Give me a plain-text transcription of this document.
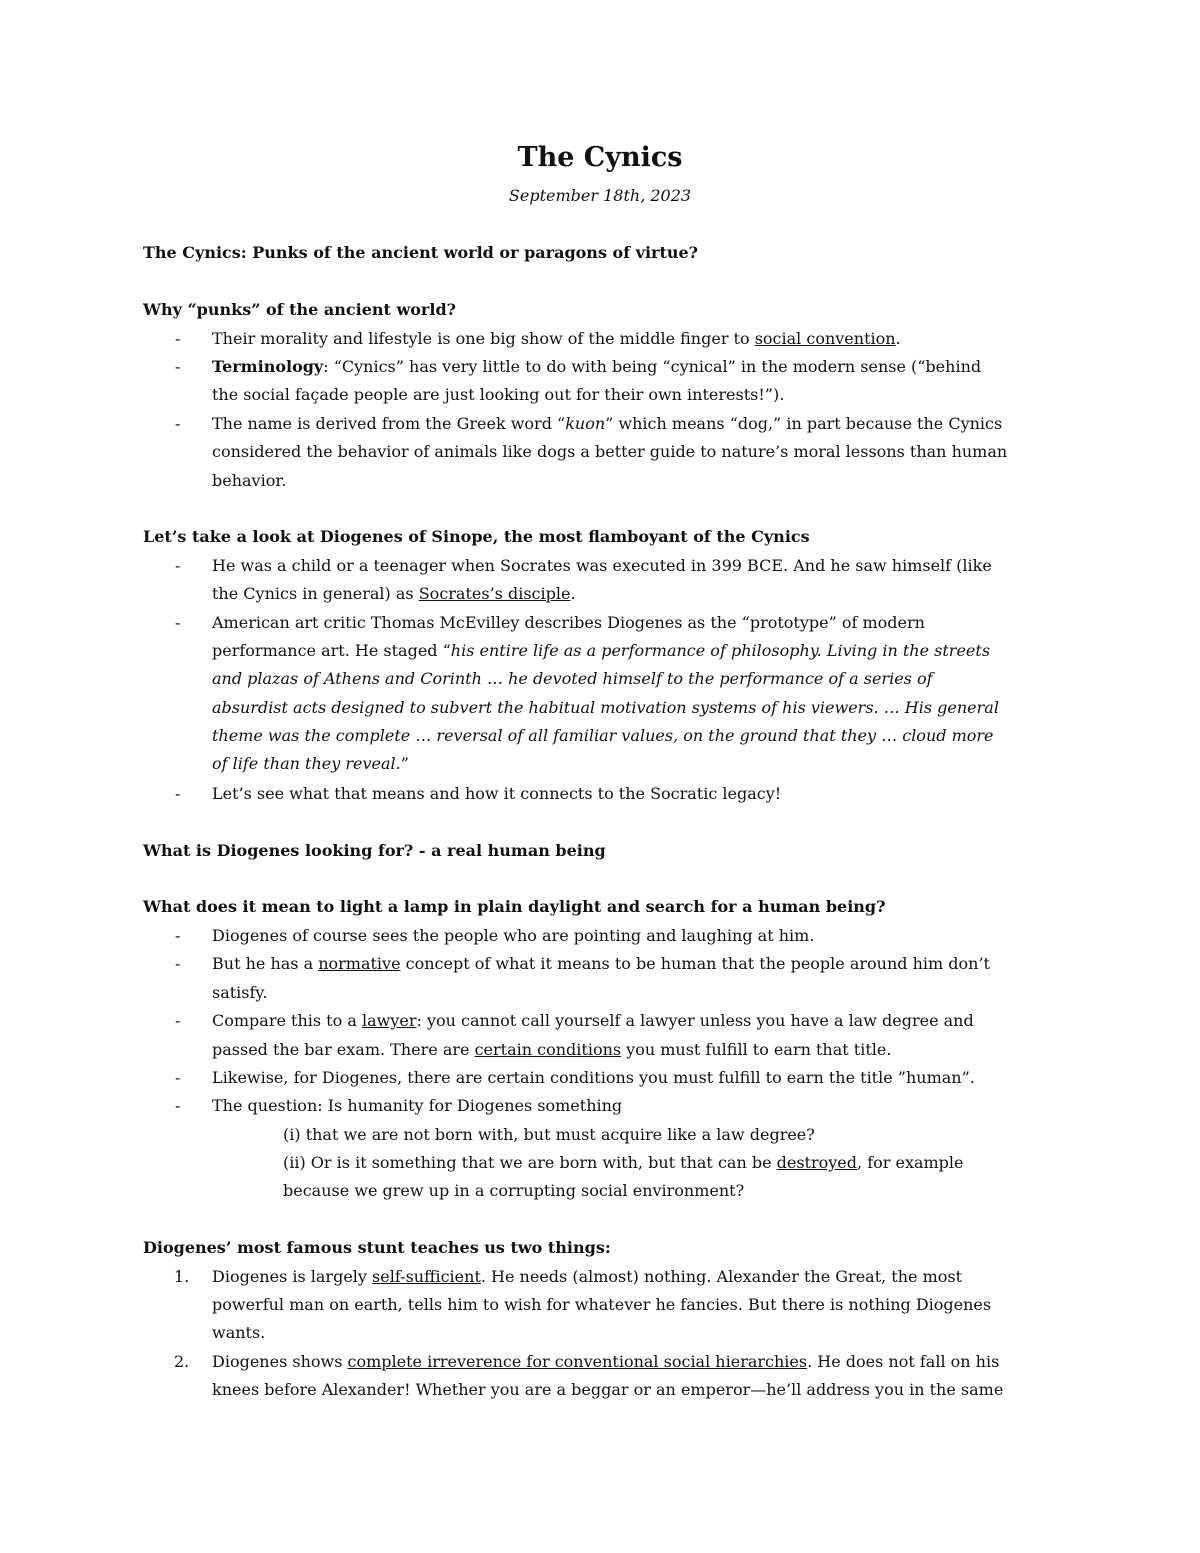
The Cynics
September 18th, 2023
The Cynics: Punks of the ancient world or paragons of virtue?
Why “punks” of the ancient world?
- Their morality and lifestyle is one big show of the middle finger to social convention.
- Terminology: “Cynics” has very little to do with being “cynical” in the modern sense (“behind
the social façade people are just looking out for their own interests!”).
- The name is derived from the Greek word “kuon” which means “dog,” in part because the Cynics
considered the behavior of animals like dogs a better guide to nature’s moral lessons than human
behavior.
Let’s take a look at Diogenes of Sinope, the most flamboyant of the Cynics
- He was a child or a teenager when Socrates was executed in 399 BCE. And he saw himself (like
the Cynics in general) as Socrates’s disciple.
- American art critic Thomas McEvilley describes Diogenes as the “prototype” of modern
performance art. He staged “his entire life as a performance of philosophy. Living in the streets
and plazas of Athens and Corinth … he devoted himself to the performance of a series of
absurdist acts designed to subvert the habitual motivation systems of his viewers. … His general
theme was the complete … reversal of all familiar values, on the ground that they … cloud more
of life than they reveal.”
- Let’s see what that means and how it connects to the Socratic legacy!
What is Diogenes looking for? - a real human being
What does it mean to light a lamp in plain daylight and search for a human being?
- Diogenes of course sees the people who are pointing and laughing at him.
- But he has a normative concept of what it means to be human that the people around him don’t
satisfy.
- Compare this to a lawyer: you cannot call yourself a lawyer unless you have a law degree and
passed the bar exam. There are certain conditions you must fulfill to earn that title.
- Likewise, for Diogenes, there are certain conditions you must fulfill to earn the title ”human”.
- The question: Is humanity for Diogenes something
(i) that we are not born with, but must acquire like a law degree?
(ii) Or is it something that we are born with, but that can be destroyed, for example
because we grew up in a corrupting social environment?
Diogenes’ most famous stunt teaches us two things:
1. Diogenes is largely self-sufficient. He needs (almost) nothing. Alexander the Great, the most
powerful man on earth, tells him to wish for whatever he fancies. But there is nothing Diogenes
wants.
2. Diogenes shows complete irreverence for conventional social hierarchies. He does not fall on his
knees before Alexander! Whether you are a beggar or an emperor—he’ll address you in the same
